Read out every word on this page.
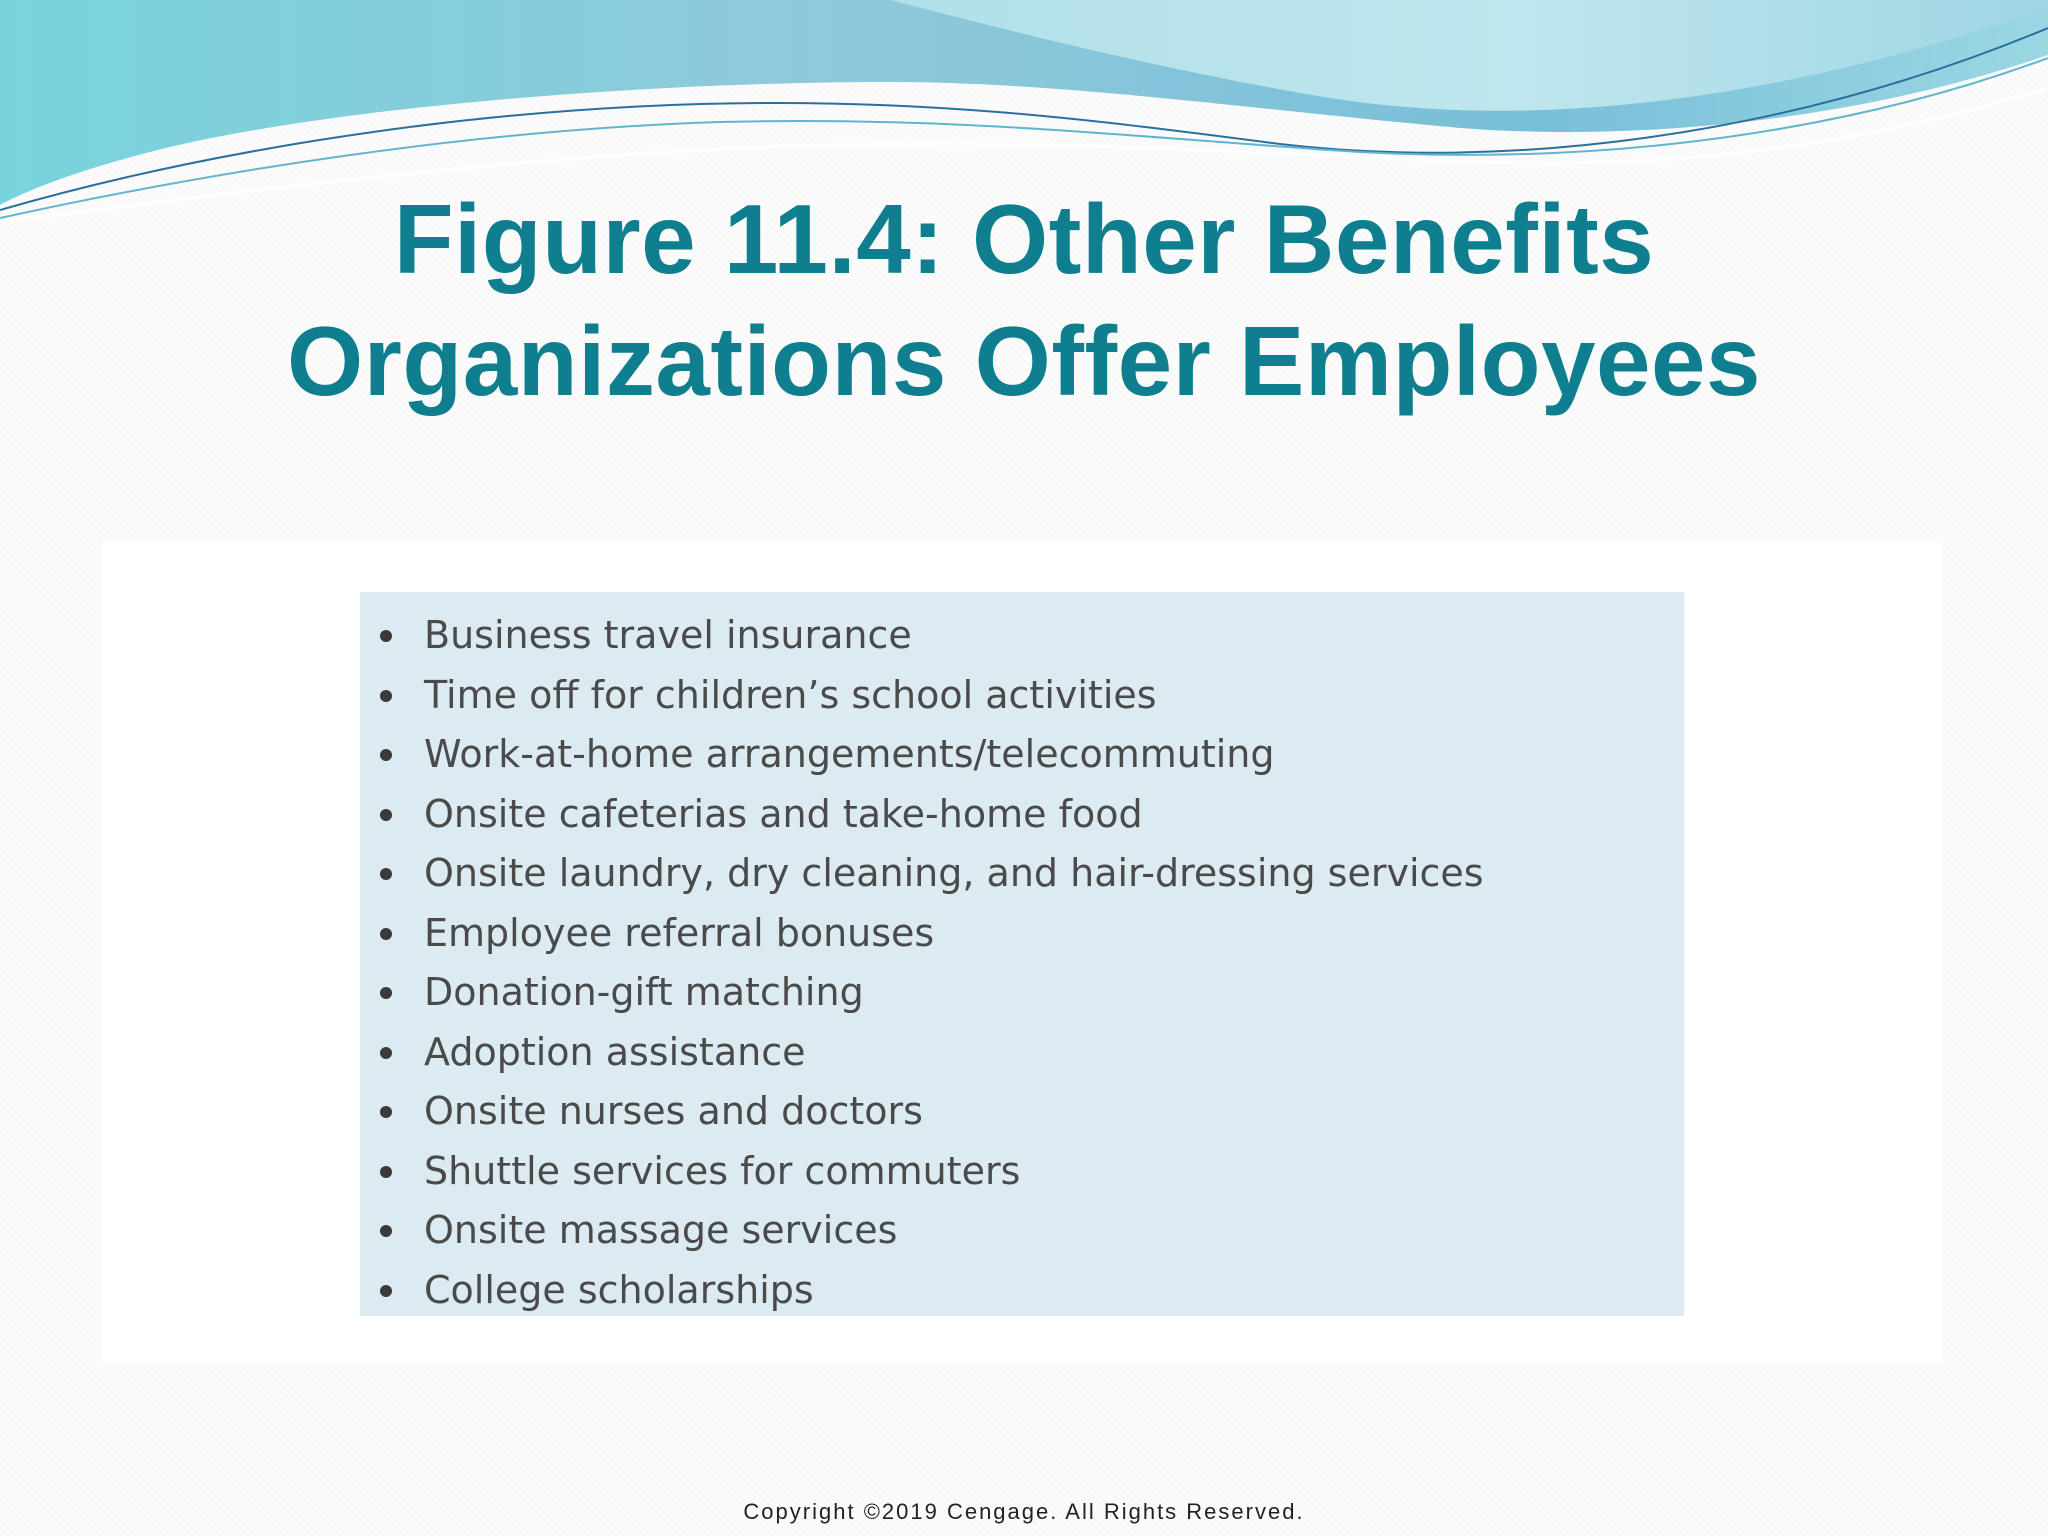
Figure 11.4: Other Benefits
Organizations Offer Employees
Business travel insurance
Time off for children’s school activities
Work-at-home arrangements/telecommuting
Onsite cafeterias and take-home food
Onsite laundry, dry cleaning, and hair-dressing services
Employee referral bonuses
Donation-gift matching
Adoption assistance
Onsite nurses and doctors
Shuttle services for commuters
Onsite massage services
College scholarships
Copyright ©2019 Cengage. All Rights Reserved.
